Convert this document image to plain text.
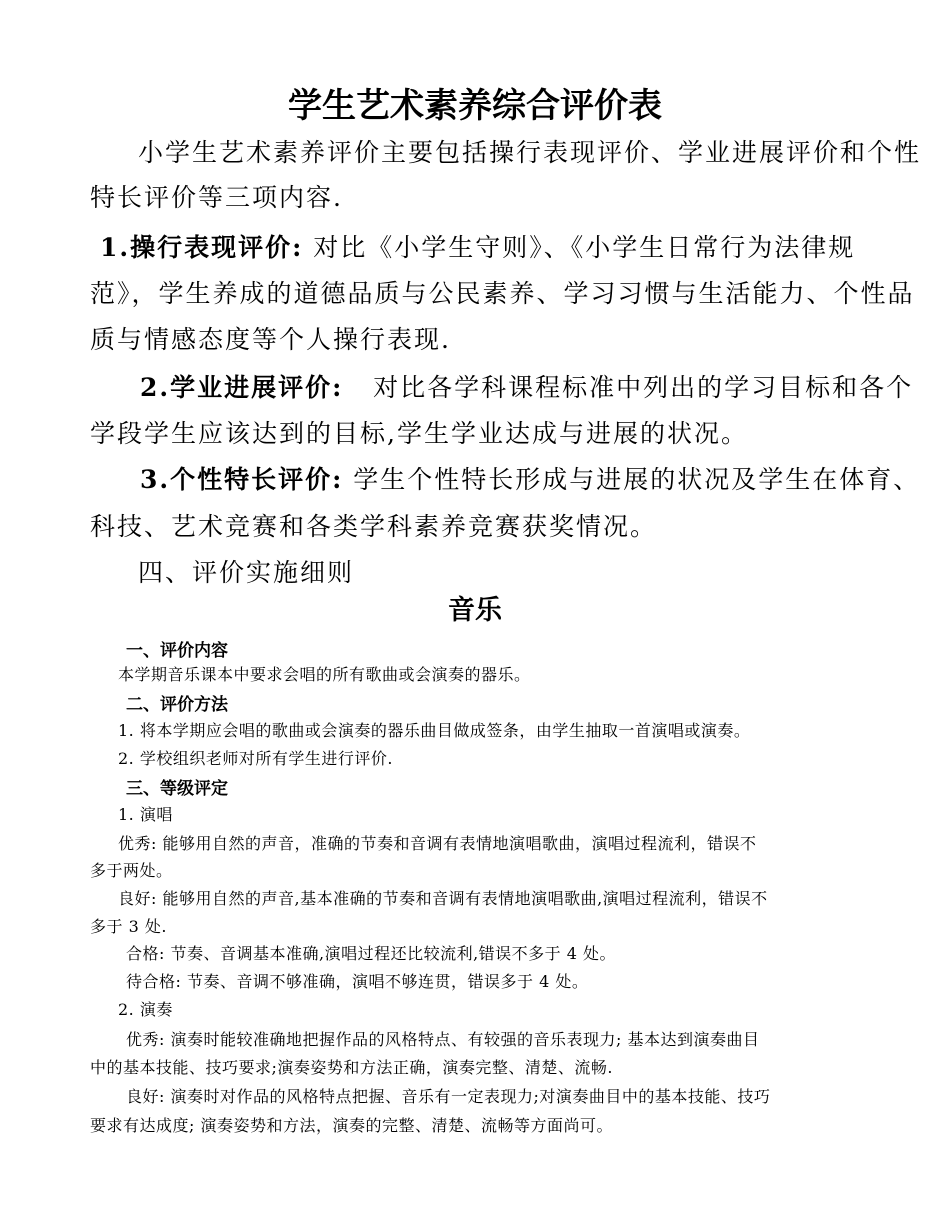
学生艺术素养综合评价表
小学生艺术素养评价主要包括操行表现评价、学业进展评价和个性
特长评价等三项内容.
1.操行表现评价: 对比《小学生守则》、《小学生日常行为法律规
范》，学生养成的道德品质与公民素养、学习习惯与生活能力、个性品
质与情感态度等个人操行表现.
2.学业进展评价:   对比各学科课程标准中列出的学习目标和各个
学段学生应该达到的目标,学生学业达成与进展的状况。
3.个性特长评价: 学生个性特长形成与进展的状况及学生在体育、
科技、艺术竞赛和各类学科素养竞赛获奖情况。
四、评价实施细则
音乐
一、评价内容
本学期音乐课本中要求会唱的所有歌曲或会演奏的器乐。
二、评价方法
1. 将本学期应会唱的歌曲或会演奏的器乐曲目做成签条，由学生抽取一首演唱或演奏。
2. 学校组织老师对所有学生进行评价.
三、等级评定
1. 演唱
优秀: 能够用自然的声音，准确的节奏和音调有表情地演唱歌曲，演唱过程流利，错误不
多于两处。
良好: 能够用自然的声音,基本准确的节奏和音调有表情地演唱歌曲,演唱过程流利，错误不
多于 3 处.
合格: 节奏、音调基本准确,演唱过程还比较流利,错误不多于 4 处。
待合格: 节奏、音调不够准确，演唱不够连贯，错误多于 4 处。
2. 演奏
优秀: 演奏时能较准确地把握作品的风格特点、有较强的音乐表现力; 基本达到演奏曲目
中的基本技能、技巧要求;演奏姿势和方法正确，演奏完整、清楚、流畅.
良好: 演奏时对作品的风格特点把握、音乐有一定表现力;对演奏曲目中的基本技能、技巧
要求有达成度; 演奏姿势和方法，演奏的完整、清楚、流畅等方面尚可。
